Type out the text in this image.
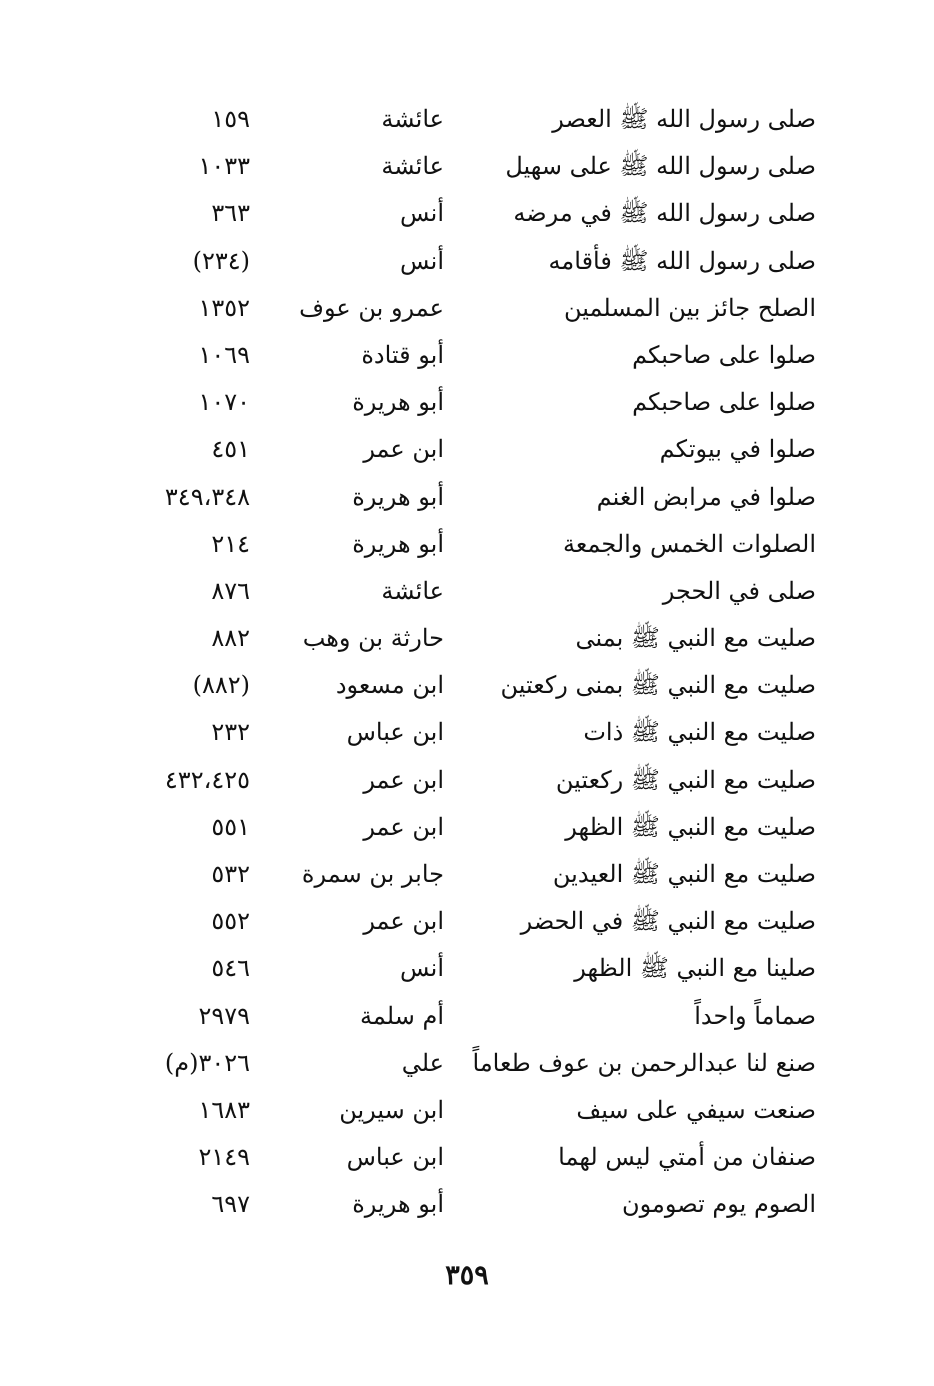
صلى رسول الله ﷺ العصر
عائشة
١٥٩
صلى رسول الله ﷺ على سهيل
عائشة
١٠٣٣
صلى رسول الله ﷺ في مرضه
أنس
٣٦٣
صلى رسول الله ﷺ فأقامه
أنس
(٢٣٤)
الصلح جائز بين المسلمين
عمرو بن عوف
١٣٥٢
صلوا على صاحبكم
أبو قتادة
١٠٦٩
صلوا على صاحبكم
أبو هريرة
١٠٧٠
صلوا في بيوتكم
ابن عمر
٤٥١
صلوا في مرابض الغنم
أبو هريرة
٣٤٩،٣٤٨
الصلوات الخمس والجمعة
أبو هريرة
٢١٤
صلى في الحجر
عائشة
٨٧٦
صليت مع النبي ﷺ بمنى
حارثة بن وهب
٨٨٢
صليت مع النبي ﷺ بمنى ركعتين
ابن مسعود
(٨٨٢)
صليت مع النبي ﷺ ذات
ابن عباس
٢٣٢
صليت مع النبي ﷺ ركعتين
ابن عمر
٤٣٢،٤٢٥
صليت مع النبي ﷺ الظهر
ابن عمر
٥٥١
صليت مع النبي ﷺ العيدين
جابر بن سمرة
٥٣٢
صليت مع النبي ﷺ في الحضر
ابن عمر
٥٥٢
صلينا مع النبي ﷺ الظهر
أنس
٥٤٦
صماماً واحداً
أم سلمة
٢٩٧٩
صنع لنا عبدالرحمن بن عوف طعاماً
علي
٣٠٢٦(م)
صنعت سيفي على سيف
ابن سيرين
١٦٨٣
صنفان من أمتي ليس لهما
ابن عباس
٢١٤٩
الصوم يوم تصومون
أبو هريرة
٦٩٧
٣٥٩
